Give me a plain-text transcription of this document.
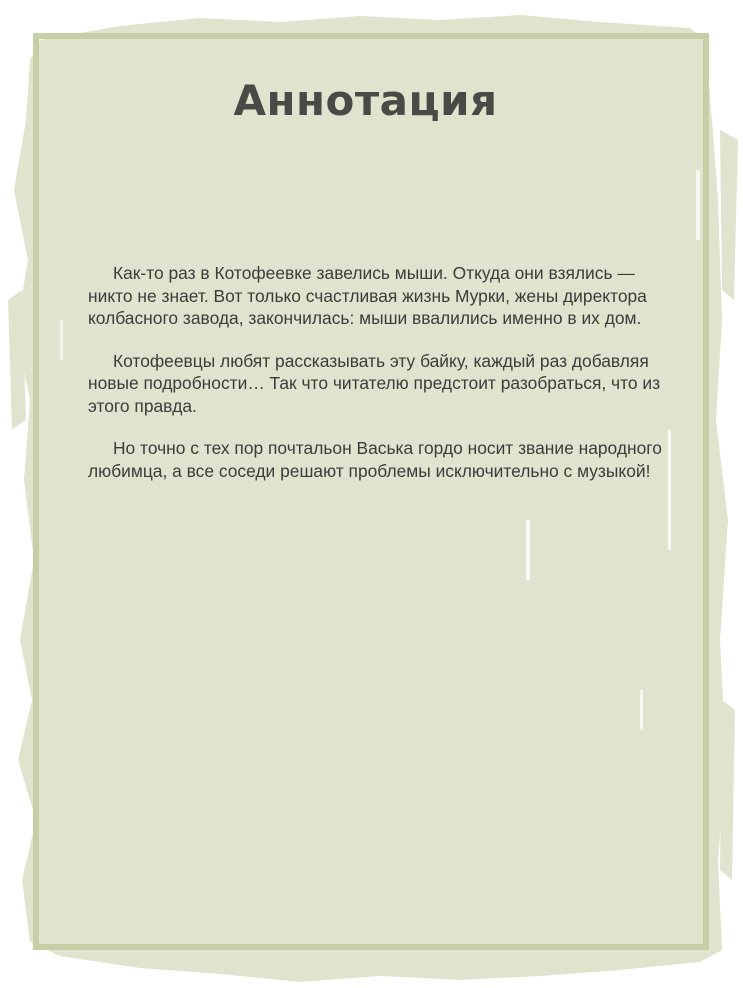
Аннотация

Как-то раз в Котофеевке завелись мыши. Откуда они взялись — никто не знает. Вот только счастливая жизнь Мурки, жены директора колбасного завода, закончилась: мыши ввалились именно в их дом.

Котофеевцы любят рассказывать эту байку, каждый раз добавляя новые подробности… Так что читателю предстоит разобраться, что из этого правда.

Но точно с тех пор почтальон Васька гордо носит звание народного любимца, а все соседи решают проблемы исключительно с музыкой!
